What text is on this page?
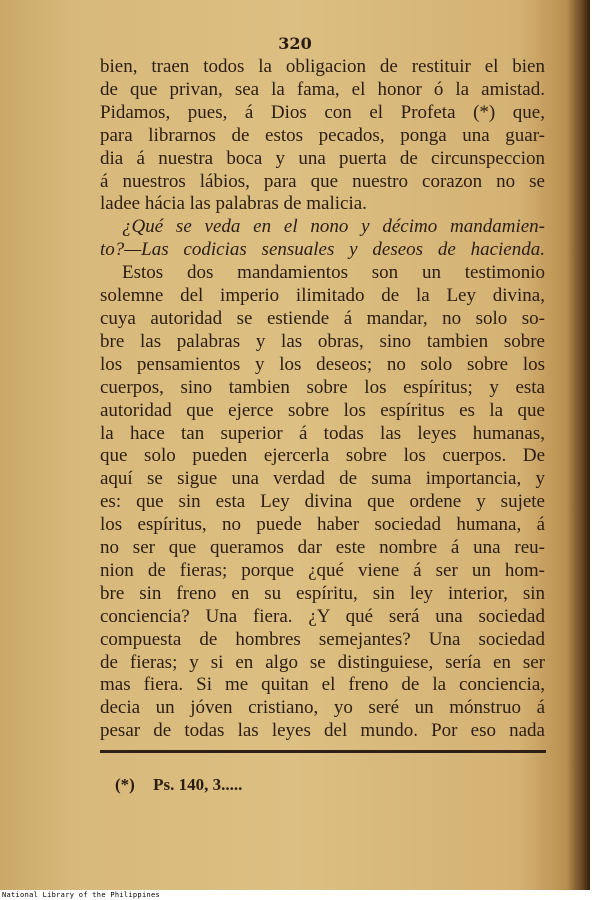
320
bien, traen todos la obligacion de restituir el bien
de que privan, sea la fama, el honor ó la amistad.
Pidamos, pues, á Dios con el Profeta (*) que,
para librarnos de estos pecados, ponga una guar-
dia á nuestra boca y una puerta de circunspeccion
á nuestros lábios, para que nuestro corazon no se
ladee hácia las palabras de malicia.
¿Qué se veda en el nono y décimo mandamien-
to?—Las codicias sensuales y deseos de hacienda.
Estos dos mandamientos son un testimonio
solemne del imperio ilimitado de la Ley divina,
cuya autoridad se estiende á mandar, no solo so-
bre las palabras y las obras, sino tambien sobre
los pensamientos y los deseos; no solo sobre los
cuerpos, sino tambien sobre los espíritus; y esta
autoridad que ejerce sobre los espíritus es la que
la hace tan superior á todas las leyes humanas,
que solo pueden ejercerla sobre los cuerpos. De
aquí se sigue una verdad de suma importancia, y
es: que sin esta Ley divina que ordene y sujete
los espíritus, no puede haber sociedad humana, á
no ser que queramos dar este nombre á una reu-
nion de fieras; porque ¿qué viene á ser un hom-
bre sin freno en su espíritu, sin ley interior, sin
conciencia? Una fiera. ¿Y qué será una sociedad
compuesta de hombres semejantes? Una sociedad
de fieras; y si en algo se distinguiese, sería en ser
mas fiera. Si me quitan el freno de la conciencia,
decia un jóven cristiano, yo seré un mónstruo á
pesar de todas las leyes del mundo. Por eso nada
(*) Ps. 140, 3.....
National Library of the Philippines
